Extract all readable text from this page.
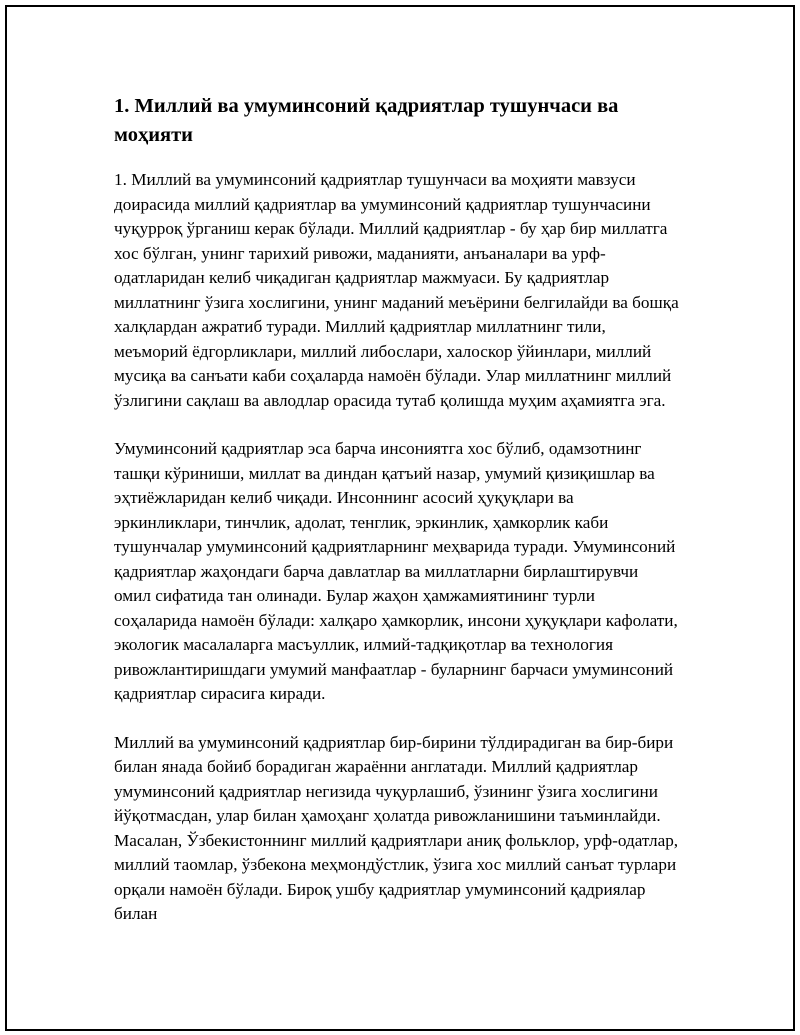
1. Миллий ва умуминсоний қадриятлар тушунчаси ва моҳияти

1. Миллий ва умуминсоний қадриятлар тушунчаси ва моҳияти мавзуси доирасида миллий қадриятлар ва умуминсоний қадриятлар тушунчасини чуқурроқ ўрганиш керак бўлади. Миллий қадриятлар - бу ҳар бир миллатга хос бўлган, унинг тарихий ривожи, маданияти, анъаналари ва урф-одатларидан келиб чиқадиган қадриятлар мажмуаси. Бу қадриятлар миллатнинг ўзига хослигини, унинг маданий меъёрини белгилайди ва бошқа халқлардан ажратиб туради. Миллий қадриятлар миллатнинг тили, меъморий ёдгорликлари, миллий либослари, халоскор ўйинлари, миллий мусиқа ва санъати каби соҳаларда намоён бўлади. Улар миллатнинг миллий ўзлигини сақлаш ва авлодлар орасида тутаб қолишда муҳим аҳамиятга эга.

Умуминсоний қадриятлар эса барча инсониятга хос бўлиб, одамзотнинг ташқи кўриниши, миллат ва диндан қатъий назар, умумий қизиқишлар ва эҳтиёжларидан келиб чиқади. Инсоннинг асосий ҳуқуқлари ва эркинликлари, тинчлик, адолат, тенглик, эркинлик, ҳамкорлик каби тушунчалар умуминсоний қадриятларнинг меҳварида туради. Умуминсоний қадриятлар жаҳондаги барча давлатлар ва миллатларни бирлаштирувчи омил сифатида тан олинади. Булар жаҳон ҳамжамиятининг турли соҳаларида намоён бўлади: халқаро ҳамкорлик, инсони ҳуқуқлари кафолати, экологик масалаларга масъуллик, илмий-тадқиқотлар ва технология ривожлантиришдаги умумий манфаатлар - буларнинг барчаси умуминсоний қадриятлар сирасига киради.

Миллий ва умуминсоний қадриятлар бир-бирини тўлдирадиган ва бир-бири билан янада бойиб борадиган жараённи англатади. Миллий қадриятлар умуминсоний қадриятлар негизида чуқурлашиб, ўзининг ўзига хослигини йўқотмасдан, улар билан ҳамоҳанг ҳолатда ривожланишини таъминлайди. Масалан, Ўзбекистоннинг миллий қадриятлари аниқ фольклор, урф-одатлар, миллий таомлар, ўзбекона меҳмондўстлик, ўзига хос миллий санъат турлари орқали намоён бўлади. Бироқ ушбу қадриятлар умуминсоний қадриялар билан
